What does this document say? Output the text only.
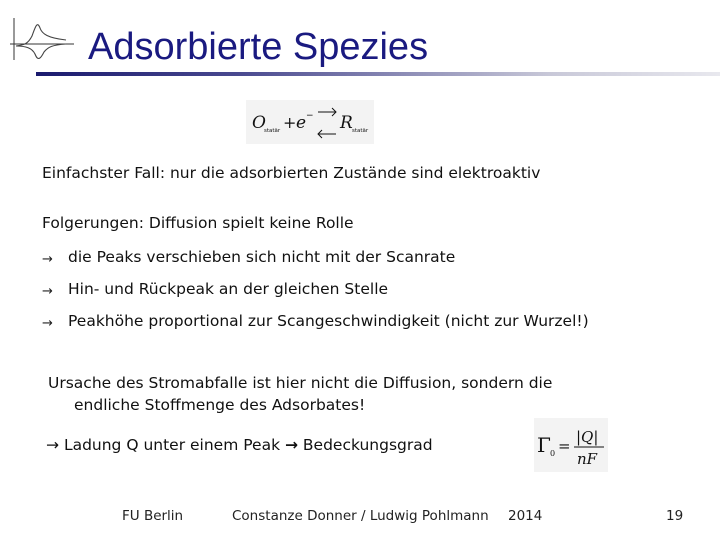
Adsorbierte Spezies
O
statär + e − R statär
Einfachster Fall: nur die adsorbierten Zustände sind elektroaktiv
Folgerungen: Diffusion spielt keine Rolle
→ die Peaks verschieben sich nicht mit der Scanrate
→ Hin- und Rückpeak an der gleichen Stelle
→ Peakhöhe proportional zur Scangeschwindigkeit (nicht zur Wurzel!)
Ursache des Stromabfalle ist hier nicht die Diffusion, sondern die
endliche Stoffmenge des Adsorbates!
→ Ladung Q unter einem Peak → Bedeckungsgrad	Γ 0 = |Q|
nF
FU Berlin	Constanze Donner / Ludwig Pohlmann 2014	19
